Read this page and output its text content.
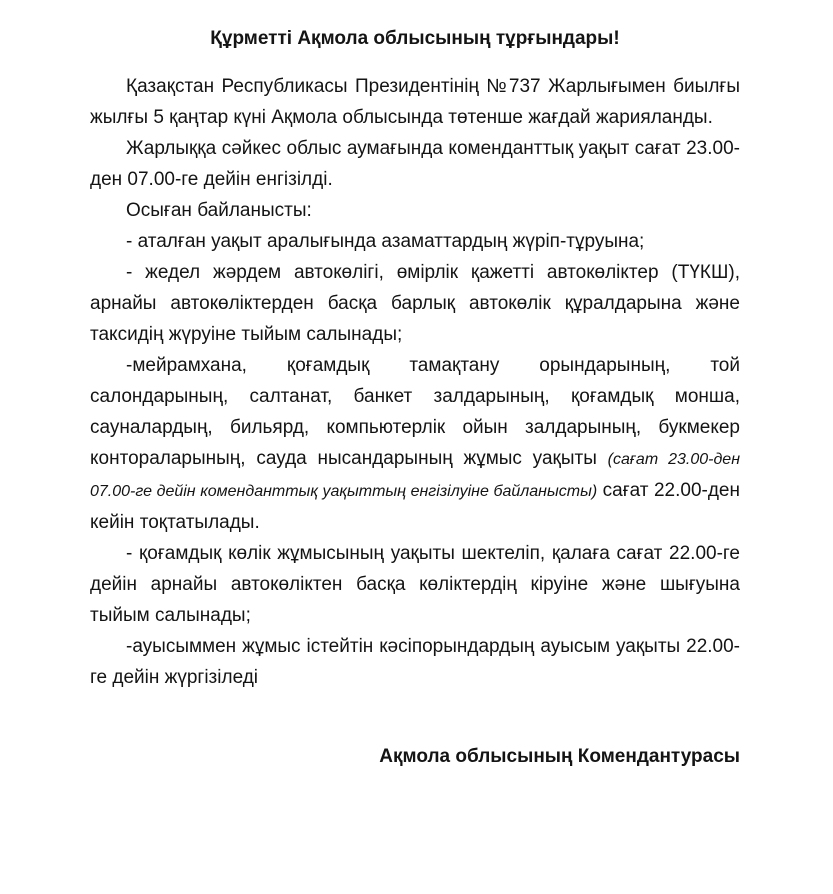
Құрметті Ақмола облысының тұрғындары!

Қазақстан Республикасы Президентінің №737 Жарлығымен биылғы жылғы 5 қаңтар күні Ақмола облысында төтенше жағдай жарияланды.

Жарлыққа сәйкес облыс аумағында коменданттық уақыт сағат 23.00-ден 07.00-ге дейін енгізілді.

Осыған байланысты:

- аталған уақыт аралығында азаматтардың жүріп-тұруына;

- жедел жәрдем автокөлігі, өмірлік қажетті автокөліктер (ТҮКШ), арнайы автокөліктерден басқа барлық автокөлік құралдарына және таксидің жүруіне тыйым салынады;

-мейрамхана, қоғамдық тамақтану орындарының, той салондарының, салтанат, банкет залдарының, қоғамдық монша, сауналардың, бильярд, компьютерлік ойын залдарының, букмекер контораларының, сауда нысандарының жұмыс уақыты (сағат 23.00-ден 07.00-ге дейін коменданттық уақыттың енгізілуіне байланысты) сағат 22.00-ден кейін тоқтатылады.

- қоғамдық көлік жұмысының уақыты шектеліп, қалаға сағат 22.00-ге дейін арнайы автокөліктен басқа көліктердің кіруіне және шығуына тыйым салынады;

-ауысыммен жұмыс істейтін кәсіпорындардың ауысым уақыты 22.00-ге дейін жүргізіледі

Ақмола облысының Комендантурасы
